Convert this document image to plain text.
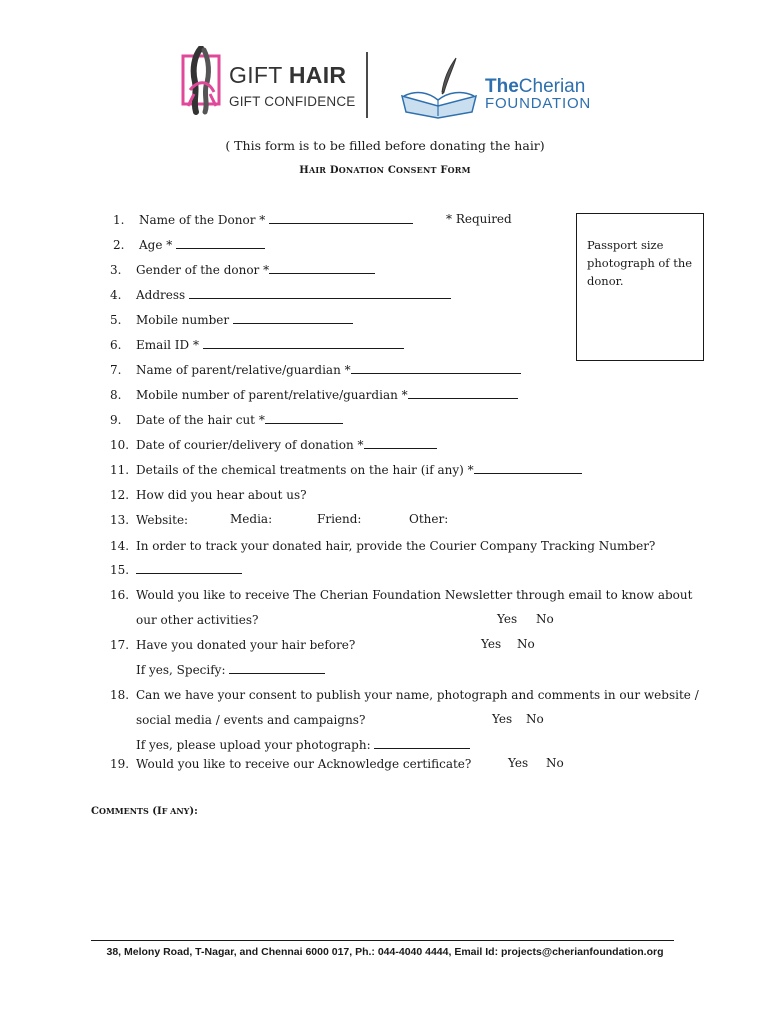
GIFT HAIR
GIFT CONFIDENCE
TheCherian
FOUNDATION
( This form is to be filled before donating the hair)
HAIR DONATION CONSENT FORM
* Required
Passport size photograph of the donor.
1. Name of the Donor *
2. Age *
3. Gender of the donor *
4. Address
5. Mobile number
6. Email ID *
7. Name of parent/relative/guardian *
8. Mobile number of parent/relative/guardian *
9. Date of the hair cut *
10. Date of courier/delivery of donation *
11. Details of the chemical treatments on the hair (if any) *
12. How did you hear about us?
13. Website:	Media:	Friend:	Other:
14. In order to track your donated hair, provide the Courier Company Tracking Number?
15.
16. Would you like to receive The Cherian Foundation Newsletter through email to know about
our other activities?	Yes No
17. Have you donated your hair before?	Yes No
If yes, Specify:
18. Can we have your consent to publish your name, photograph and comments in our website /
social media / events and campaigns?	Yes No
If yes, please upload your photograph:
19. Would you like to receive our Acknowledge certificate?	Yes No
COMMENTS (IF ANY):
38, Melony Road, T-Nagar, and Chennai 6000 017, Ph.: 044-4040 4444, Email Id: projects@cherianfoundation.org
